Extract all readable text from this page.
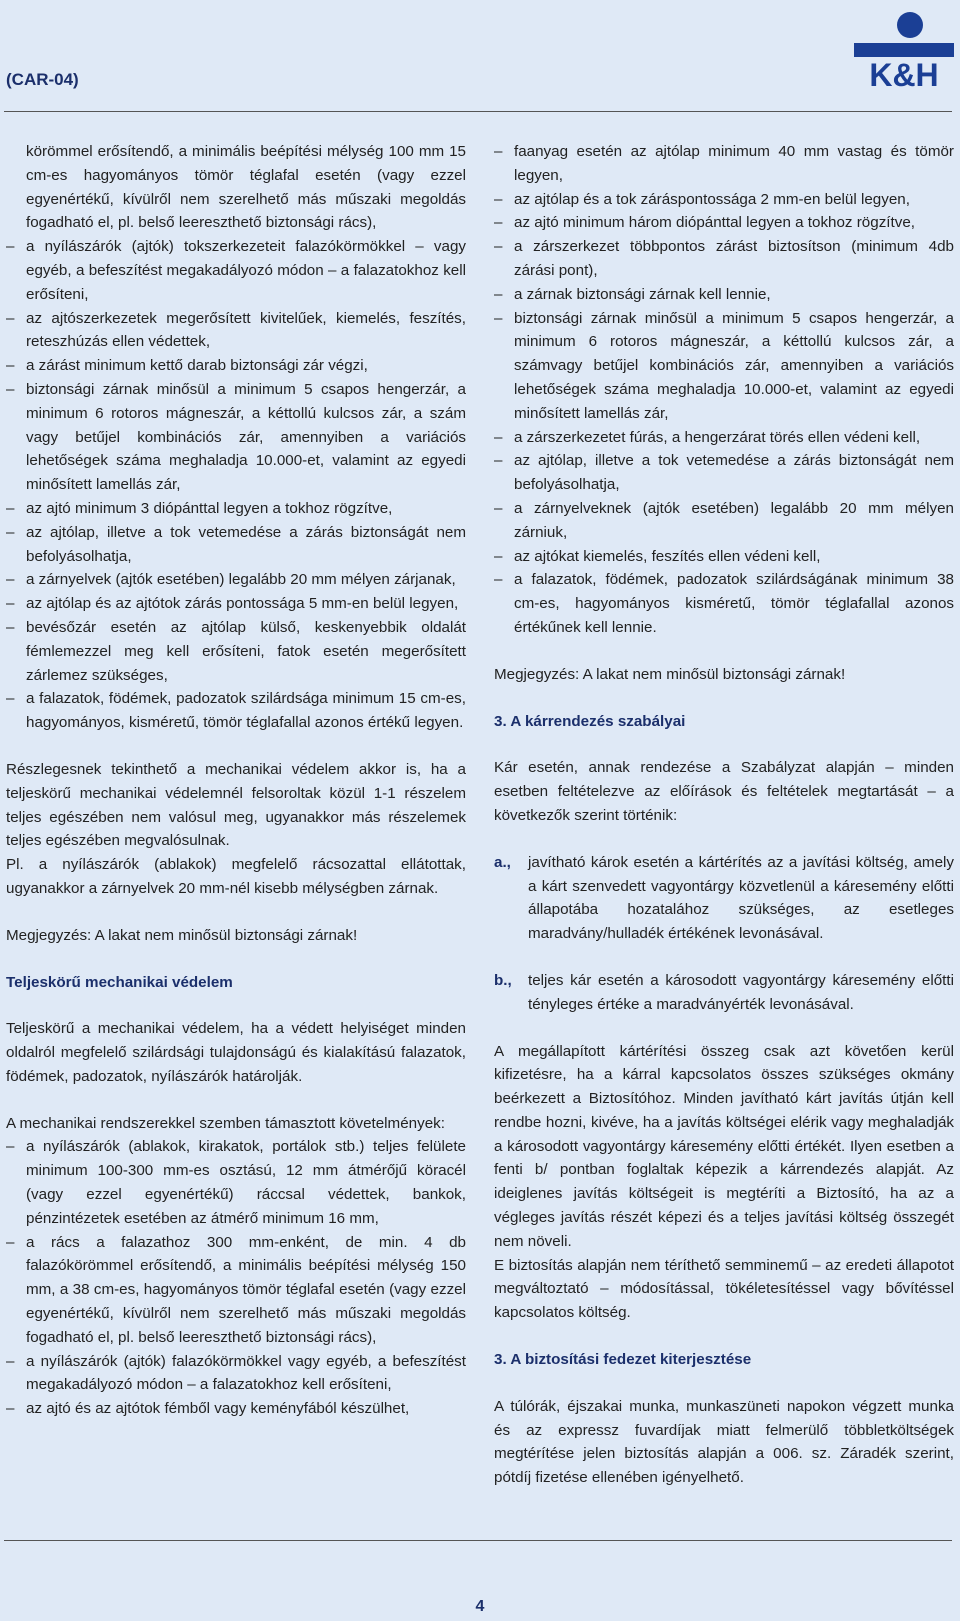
(CAR-04)	K&H

körömmel erősítendő, a minimális beépítési mélység 100 mm 15 cm-es hagyományos tömör téglafal esetén (vagy ezzel egyenértékű, kívülről nem szerelhető más műszaki megoldás fogadható el, pl. belső leereszthető biztonsági rács),

– a nyílászárók (ajtók) tokszerkezeteit falazókörmökkel – vagy egyéb, a befeszítést megakadályozó módon – a falazatokhoz kell erősíteni,
– az ajtószerkezetek megerősített kivitelűek, kiemelés, feszítés, reteszhúzás ellen védettek,
– a zárást minimum kettő darab biztonsági zár végzi,
– biztonsági zárnak minősül a minimum 5 csapos hengerzár, a minimum 6 rotoros mágneszár, a kéttollú kulcsos zár, a szám vagy betűjel kombinációs zár, amennyiben a variációs lehetőségek száma meghaladja 10.000-et, valamint az egyedi minősített lamellás zár,
– az ajtó minimum 3 diópánttal legyen a tokhoz rögzítve,
– az ajtólap, illetve a tok vetemedése a zárás biztonságát nem befolyásolhatja,
– a zárnyelvek (ajtók esetében) legalább 20 mm mélyen zárjanak,
– az ajtólap és az ajtótok zárás pontossága 5 mm-en belül legyen,
– bevésőzár esetén az ajtólap külső, keskenyebbik oldalát fémlemezzel meg kell erősíteni, fatok esetén megerősített zárlemez szükséges,
– a falazatok, födémek, padozatok szilárdsága minimum 15 cm-es, hagyományos, kisméretű, tömör téglafallal azonos értékű legyen.

Részlegesnek tekinthető a mechanikai védelem akkor is, ha a teljeskörű mechanikai védelemnél felsoroltak közül 1-1 részelem teljes egészében nem valósul meg, ugyanakkor más részelemek teljes egészében megvalósulnak.

Pl. a nyílászárók (ablakok) megfelelő rácsozattal ellátottak, ugyanakkor a zárnyelvek 20 mm-nél kisebb mélységben zárnak.

Megjegyzés: A lakat nem minősül biztonsági zárnak!

Teljeskörű mechanikai védelem

Teljeskörű a mechanikai védelem, ha a védett helyiséget minden oldalról megfelelő szilárdsági tulajdonságú és kialakítású falazatok, födémek, padozatok, nyílászárók határolják.

A mechanikai rendszerekkel szemben támasztott követelmények:

– a nyílászárók (ablakok, kirakatok, portálok stb.) teljes felülete minimum 100-300 mm-es osztású, 12 mm átmérőjű köracél (vagy ezzel egyenértékű) ráccsal védettek, bankok, pénzintézetek esetében az átmérő minimum 16 mm,
– a rács a falazathoz 300 mm-enként, de min. 4 db falazókörömmel erősítendő, a minimális beépítési mélység 150 mm, a 38 cm-es, hagyományos tömör téglafal esetén (vagy ezzel egyenértékű, kívülről nem szerelhető más műszaki megoldás fogadható el, pl. belső leereszthető biztonsági rács),
– a nyílászárók (ajtók) falazókörmökkel vagy egyéb, a befeszítést megakadályozó módon – a falazatokhoz kell erősíteni,
– az ajtó és az ajtótok fémből vagy keményfából készülhet,
– faanyag esetén az ajtólap minimum 40 mm vastag és tömör legyen,
– az ajtólap és a tok záráspontossága 2 mm-en belül legyen,
– az ajtó minimum három diópánttal legyen a tokhoz rögzítve,
– a zárszerkezet többpontos zárást biztosítson (minimum 4db zárási pont),
– a zárnak biztonsági zárnak kell lennie,
– biztonsági zárnak minősül a minimum 5 csapos hengerzár, a minimum 6 rotoros mágneszár, a kéttollú kulcsos zár, a számvagy betűjel kombinációs zár, amennyiben a variációs lehetőségek száma meghaladja 10.000-et, valamint az egyedi minősített lamellás zár,
– a zárszerkezetet fúrás, a hengerzárat törés ellen védeni kell,
– az ajtólap, illetve a tok vetemedése a zárás biztonságát nem befolyásolhatja,
– a zárnyelveknek (ajtók esetében) legalább 20 mm mélyen zárniuk,
– az ajtókat kiemelés, feszítés ellen védeni kell,
– a falazatok, födémek, padozatok szilárdságának minimum 38 cm-es, hagyományos kisméretű, tömör téglafallal azonos értékűnek kell lennie.

Megjegyzés: A lakat nem minősül biztonsági zárnak!

3. A kárrendezés szabályai

Kár esetén, annak rendezése a Szabályzat alapján – minden esetben feltételezve az előírások és feltételek megtartását – a következők szerint történik:

a., javítható károk esetén a kártérítés az a javítási költség, amely a kárt szenvedett vagyontárgy közvetlenül a káresemény előtti állapotába hozatalához szükséges, az esetleges maradvány/hulladék értékének levonásával.
b., teljes kár esetén a károsodott vagyontárgy káresemény előtti tényleges értéke a maradványérték levonásával.

A megállapított kártérítési összeg csak azt követően kerül kifizetésre, ha a kárral kapcsolatos összes szükséges okmány beérkezett a Biztosítóhoz. Minden javítható kárt javítás útján kell rendbe hozni, kivéve, ha a javítás költségei elérik vagy meghaladják a károsodott vagyontárgy káresemény előtti értékét. Ilyen esetben a fenti b/ pontban foglaltak képezik a kárrendezés alapját. Az ideiglenes javítás költségeit is megtéríti a Biztosító, ha az a végleges javítás részét képezi és a teljes javítási költség összegét nem növeli.

E biztosítás alapján nem téríthető semminemű – az eredeti állapotot megváltoztató – módosítással, tökéletesítéssel vagy bővítéssel kapcsolatos költség.

3. A biztosítási fedezet kiterjesztése

A túlórák, éjszakai munka, munkaszüneti napokon végzett munka és az expressz fuvardíjak miatt felmerülő többletköltségek megtérítése jelen biztosítás alapján a 006. sz. Záradék szerint, pótdíj fizetése ellenében igényelhető.

4
